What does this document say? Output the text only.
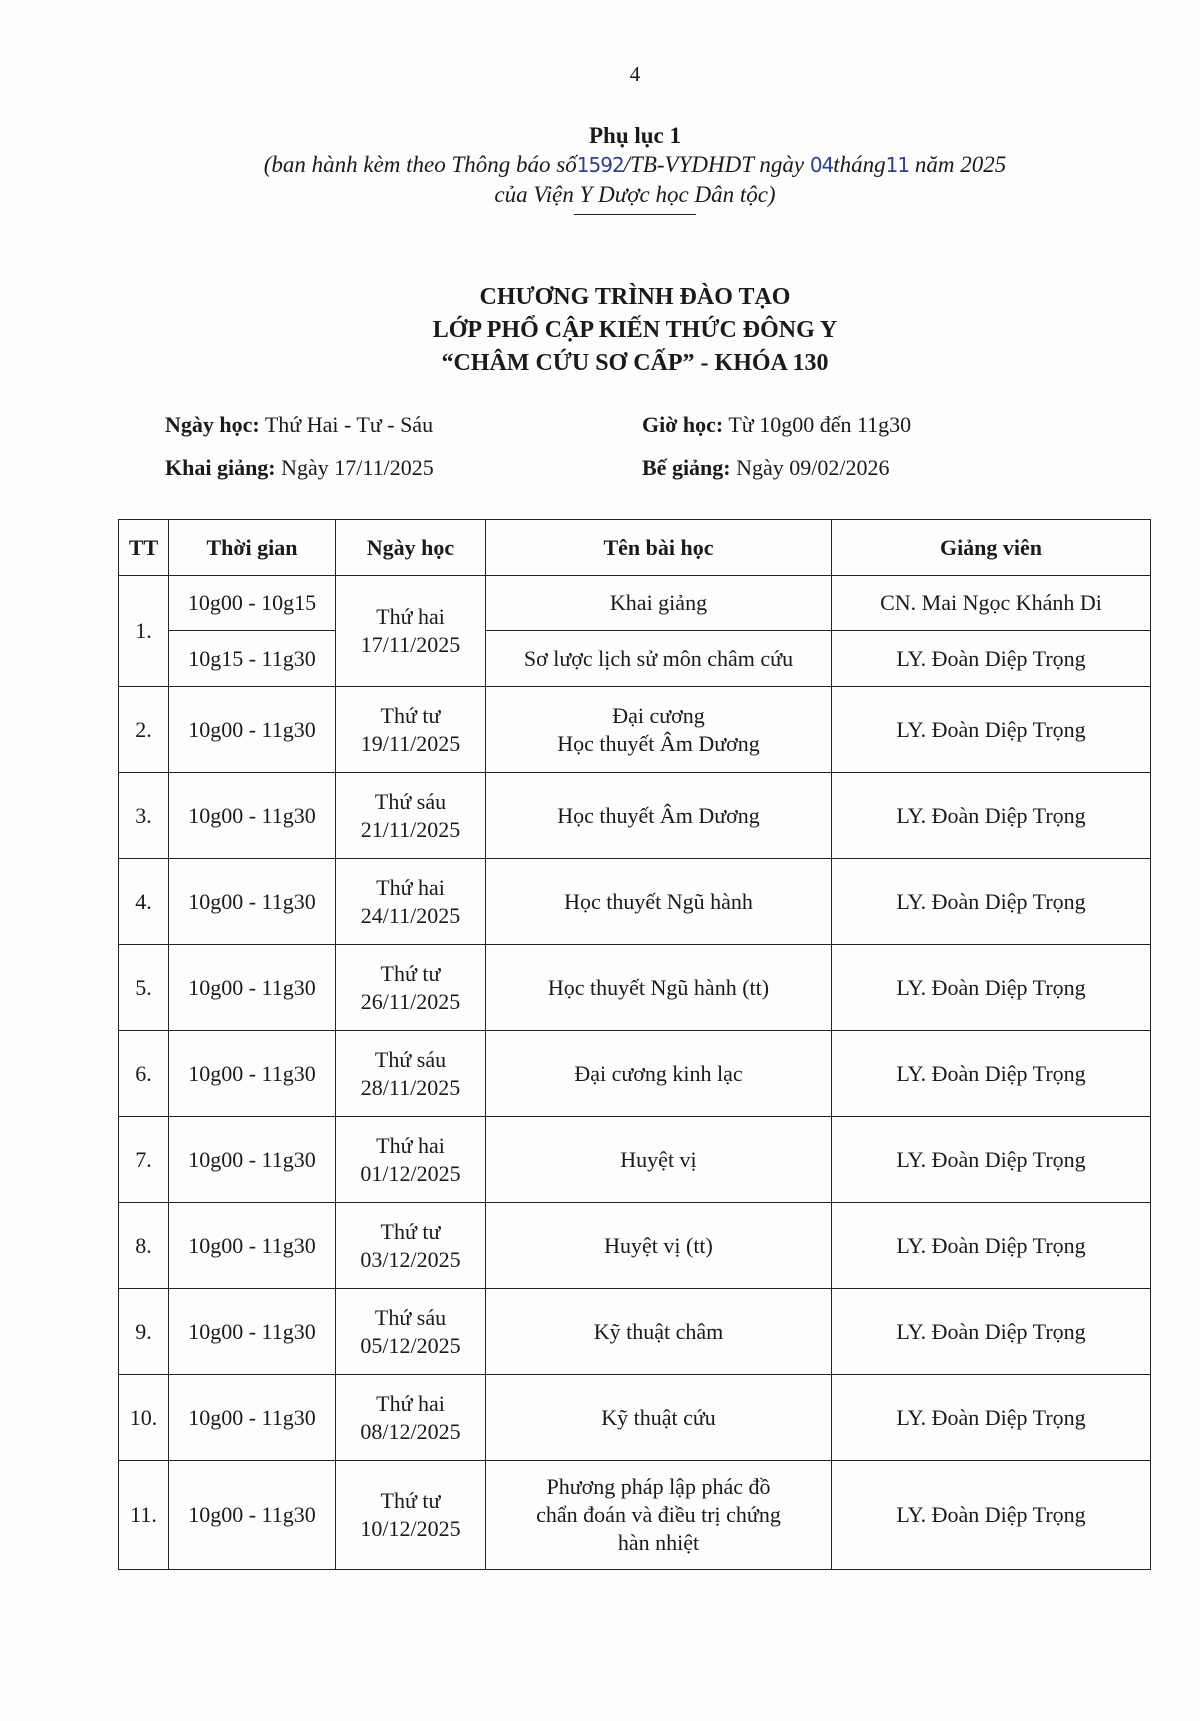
4
Phụ lục 1
(ban hành kèm theo Thông báo số1592/TB-VYDHDT ngày 04tháng11 năm 2025
của Viện Y Dược học Dân tộc)
CHƯƠNG TRÌNH ĐÀO TẠO
LỚP PHỔ CẬP KIẾN THỨC ĐÔNG Y
“CHÂM CỨU SƠ CẤP” - KHÓA 130
Ngày học: Thứ Hai - Tư - Sáu	Giờ học: Từ 10g00 đến 11g30
Khai giảng: Ngày 17/11/2025	Bế giảng: Ngày 09/02/2026
TT	Thời gian	Ngày học	Tên bài học	Giảng viên
1.	10g00 - 10g15	Thứ hai
17/11/2025	Khai giảng	CN. Mai Ngọc Khánh Di
	10g15 - 11g30		Sơ lược lịch sử môn châm cứu	LY. Đoàn Diệp Trọng
2.	10g00 - 11g30	Thứ tư
19/11/2025	Đại cương
Học thuyết Âm Dương	LY. Đoàn Diệp Trọng
3.	10g00 - 11g30	Thứ sáu
21/11/2025	Học thuyết Âm Dương	LY. Đoàn Diệp Trọng
4.	10g00 - 11g30	Thứ hai
24/11/2025	Học thuyết Ngũ hành	LY. Đoàn Diệp Trọng
5.	10g00 - 11g30	Thứ tư
26/11/2025	Học thuyết Ngũ hành (tt)	LY. Đoàn Diệp Trọng
6.	10g00 - 11g30	Thứ sáu
28/11/2025	Đại cương kinh lạc	LY. Đoàn Diệp Trọng
7.	10g00 - 11g30	Thứ hai
01/12/2025	Huyệt vị	LY. Đoàn Diệp Trọng
8.	10g00 - 11g30	Thứ tư
03/12/2025	Huyệt vị (tt)	LY. Đoàn Diệp Trọng
9.	10g00 - 11g30	Thứ sáu
05/12/2025	Kỹ thuật châm	LY. Đoàn Diệp Trọng
10.	10g00 - 11g30	Thứ hai
08/12/2025	Kỹ thuật cứu	LY. Đoàn Diệp Trọng
11.	10g00 - 11g30	Thứ tư
10/12/2025	Phương pháp lập phác đồ
chẩn đoán và điều trị chứng
hàn nhiệt	LY. Đoàn Diệp Trọng
